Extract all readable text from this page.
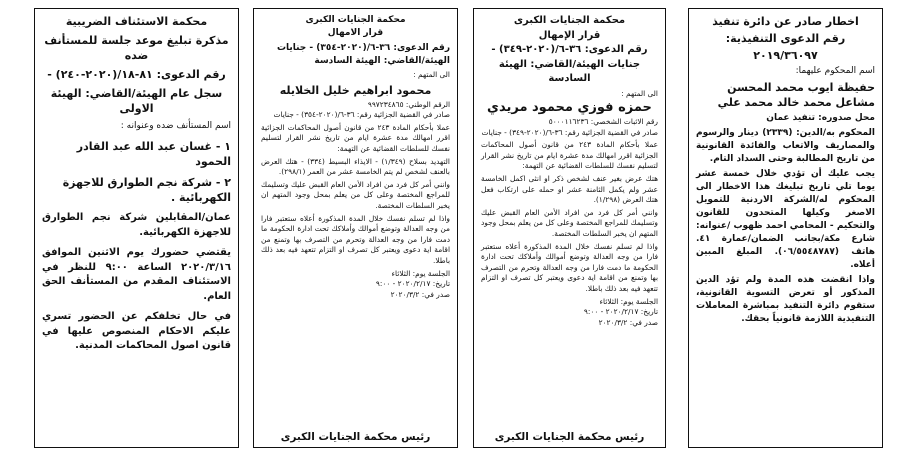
محكمة الاستئناف الضريبية

مذكرة تبليغ موعد جلسة للمستأنف ضده

رقم الدعوى: ٨١-١٨/(٢٠٢٠-٢٤٠) -

سجل عام الهيئة/القاضي: الهيئة الاولى

اسم المستأنف ضده وعنوانه :

١ - غسان عبد الله عبد القادر الحمود

٢ - شركة نجم الطوارق للاجهزة الكهربائية .

عمان/المقابلين شركة نجم الطوارق للاجهزة الكهربائية.

يقتضي حضورك يوم الاثنين الموافق ٢٠٢٠/٣/١٦ الساعة ٩:٠٠ للنظر في الاستئناف المقدم من المستأنف الحق العام.

في حال تخلفكم عن الحضور تسري عليكم الاحكام المنصوص عليها في قانون اصول المحاكمات المدنية.

محكمة الجنايات الكبرى

قرار الامهال

رقم الدعوى: ٣٦-٦/(٢٠٢٠-٣٥٤) - جنايات الهيئة/القاضي: الهيئة السادسة

الى المتهم :

محمود ابراهيم خليل الخلايله

الرقم الوطني: ٩٩٧٢٣٤٨٦٥

صادر في القضية الجزائية رقم: ٣٦-٦/(٢٠٢٠-٣٥٤) - جنايات

عملا بأحكام المادة ٢٤٣ من قانون أصول المحاكمات الجزائية اقرر امهالك مدة عشرة ايام من تاريخ نشر القرار لتسليم نفسك للسلطات القضائية عن التهمة:

التهديد بسلاح (١/٣٤٩) - الايذاء البسيط (٣٣٤) - هتك العرض بالعنف لشخص لم يتم الخامسة عشر من العمر (٢٩٨/١).

وانني أمر كل فرد من افراد الأمن العام القبض عليك وتسليمك للمراجع المختصة وعلى كل من يعلم بمحل وجود المتهم ان يخبر السلطات المختصة.

واذا لم تسلم نفسك خلال المدة المذكورة أعلاه ستعتبر فارا من وجه العدالة وتوضع أموالك وأملاكك تحت ادارة الحكومة ما دمت فارا من وجه العدالة وتحرم من التصرف بها وتمنع من اقامة اية دعوى ويعتبر كل تصرف او التزام تتعهد فيه بعد ذلك باطلا.

الجلسة يوم: الثلاثاء

تاريخ: ٢٠٢٠/٢/١٧ - ٩:٠٠

صدر في: ٢٠٢٠/٣/٢

رئيس محكمة الجنايات الكبرى

محكمة الجنايات الكبرى

قرار الإمهال

رقم الدعوى: ٣٦-٦/(٢٠٢٠-٣٤٩) -

جنايات الهيئة/القاضي: الهيئة السادسة

الى المتهم :

حمزه فوزي محمود مريدي

رقم الاثبات الشخصي: ٥٠٠٠١١٦٢٣٦

صادر في القضية الجزائية رقم: ٣٦-٦/(٢٠٢٠-٣٤٩) - جنايات

عملا بأحكام المادة ٢٤٣ من قانون أصول المحاكمات الجزائية اقرر امهالك مدة عشرة ايام من تاريخ نشر القرار لتسليم نفسك للسلطات القضائية عن التهمة:

هتك عرض بغير عنف لشخص ذكر او انثى اكمل الخامسة عشر ولم يكمل الثامنة عشر او حمله على ارتكاب فعل هتك العرض (١/٢٩٨).

وانني أمر كل فرد من افراد الأمن العام القبض عليك وتسليمك للمراجع المختصة وعلى كل من يعلم بمحل وجود المتهم ان يخبر السلطات المختصة.

واذا لم تسلم نفسك خلال المدة المذكورة أعلاه ستعتبر فارا من وجه العدالة وتوضع أموالك وأملاكك تحت ادارة الحكومة ما دمت فارا من وجه العدالة وتحرم من التصرف بها وتمنع من اقامة اية دعوى ويعتبر كل تصرف او التزام تتعهد فيه بعد ذلك باطلا.

الجلسة يوم: الثلاثاء

تاريخ: ٢٠٢٠/٢/١٧ - ٩:٠٠

صدر في: ٢٠٢٠/٣/٢

رئيس محكمة الجنايات الكبرى

اخطار صادر عن دائرة تنفيذ

رقم الدعوى التنفيذية:

٢٠١٩/٣٦٠٩٧

اسم المحكوم عليهما:

حفيظة ايوب محمد المحسن

مشاعل محمد خالد محمد علي

محل صدوره: تنفيذ عمان

المحكوم به/الدين: (٢٣٣٩) دينار والرسوم والمصاريف والاتعاب والفائدة القانونية من تاريخ المطالبة وحتى السداد التام.

يجب عليك أن تؤدي خلال خمسة عشر يوما تلي تاريخ تبليغك هذا الاخطار الى المحكوم له/الشركة الاردنية للتمويل الاصغر وكيلها المتحدون للقانون والتحكيم - المحامي احمد ظهوب /عنوانه: شارع مكة/بجانب الضمان/عمارة ٤١. هاتف (٠٦/٥٥٤٨٧٨٧). المبلغ المبين أعلاه.

واذا انقضت هذه المدة ولم تؤد الدين المذكور أو تعرض التسوية القانونية، ستقوم دائرة التنفيذ بمباشرة المعاملات التنفيذية اللازمة قانونياً بحقك.
